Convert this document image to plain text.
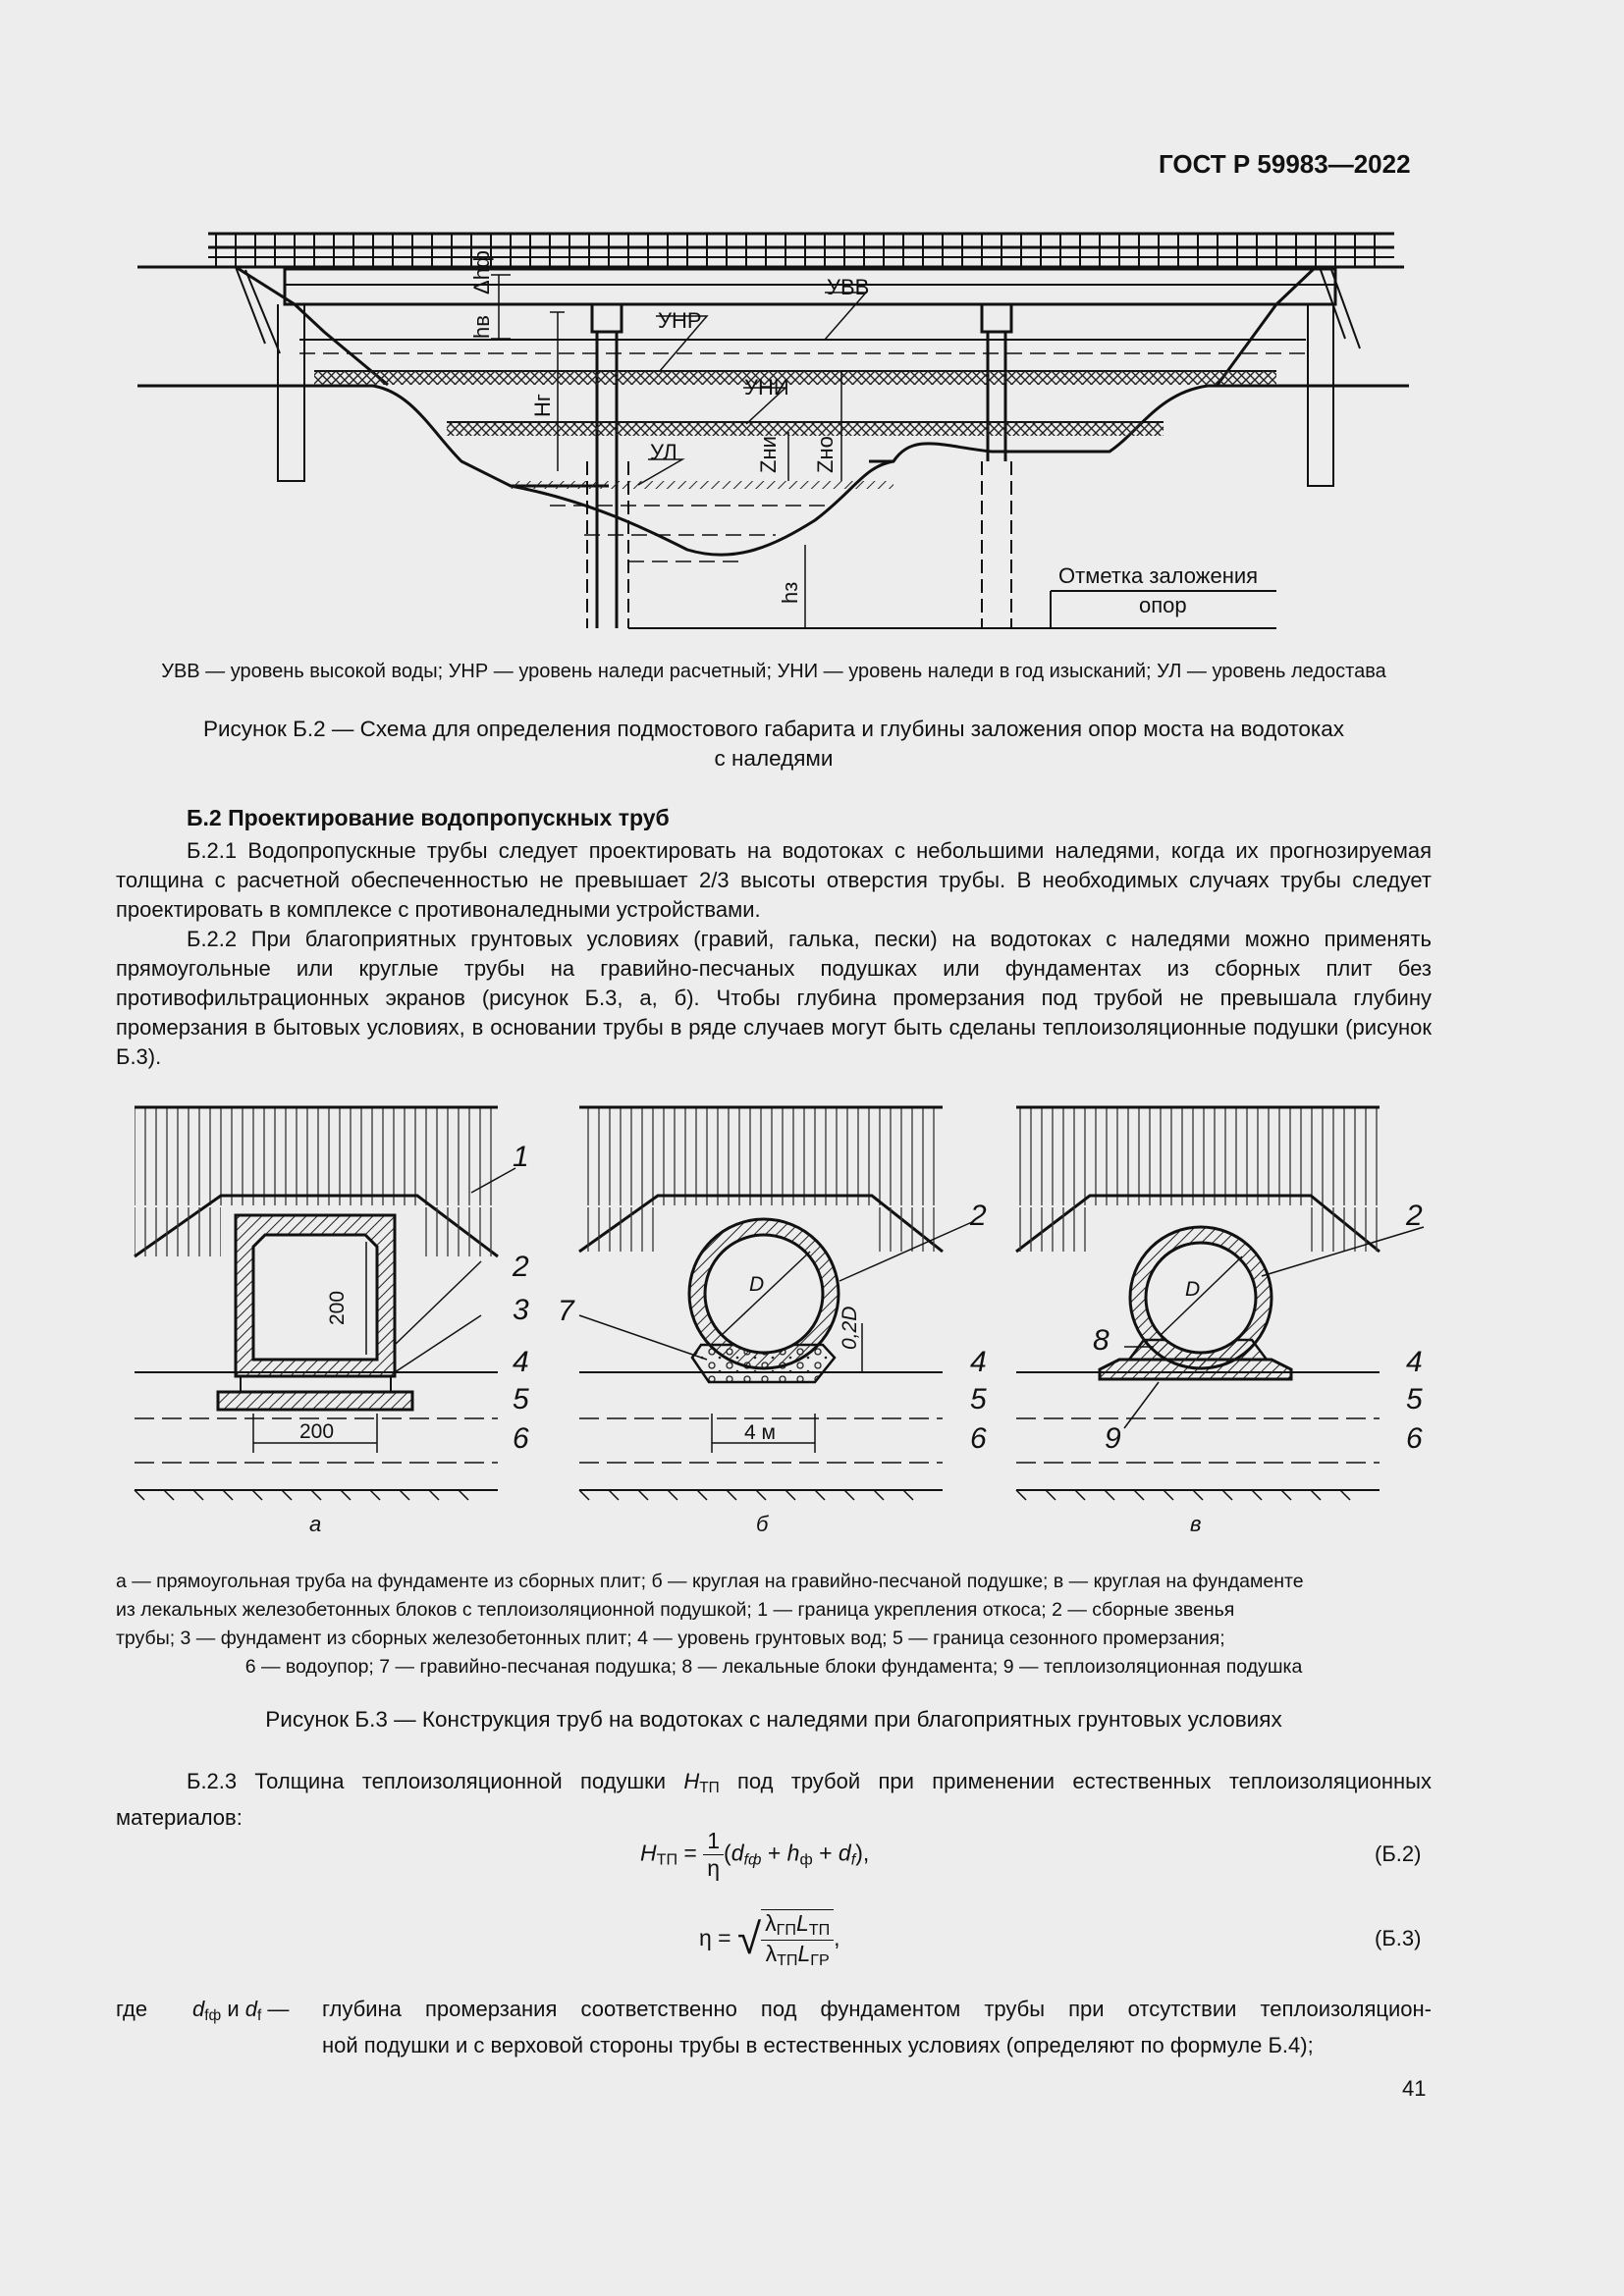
ГОСТ Р 59983—2022
Δhф
hв
Hг
УНР
УВВ
УНИ
УЛ	Zни Zно
hз
Отметка заложения
опор
УВВ — уровень высокой воды; УНР — уровень наледи расчетный; УНИ — уровень наледи в год изысканий; УЛ — уровень ледостава
Рисунок Б.2 — Схема для определения подмостового габарита и глубины заложения опор моста на водотоках
с наледями
Б.2 Проектирование водопропускных труб
Б.2.1 Водопропускные трубы следует проектировать на водотоках с небольшими наледями, когда их прогнозируемая толщина с расчетной обеспеченностью не превышает 2/3 высоты отверстия трубы. В необходимых случаях трубы следует проектировать в комплексе с противоналедными устройствами.
Б.2.2 При благоприятных грунтовых условиях (гравий, галька, пески) на водотоках с наледями можно применять прямоугольные или круглые трубы на гравийно-песчаных подушках или фундаментах из сборных плит без противофильтрационных экранов (рисунок Б.3, а, б). Чтобы глубина промерзания под трубой не превышала глубину промерзания в бытовых условиях, в основании трубы в ряде случаев могут быть сделаны теплоизоляционные подушки (рисунок Б.3).
200
200
а
D
0,2D
4 м
б
D
в
1
2
3
4
5
6
2
7
4
5
6
2
8
4
5
9	6
а — прямоугольная труба на фундаменте из сборных плит; б — круглая на гравийно-песчаной подушке; в — круглая на фундаменте
из лекальных железобетонных блоков с теплоизоляционной подушкой; 1 — граница укрепления откоса; 2 — сборные звенья
трубы; 3 — фундамент из сборных железобетонных плит; 4 — уровень грунтовых вод; 5 — граница сезонного промерзания;
6 — водоупор; 7 — гравийно-песчаная подушка; 8 — лекальные блоки фундамента; 9 — теплоизоляционная подушка
Рисунок Б.3 — Конструкция труб на водотоках с наледями при благоприятных грунтовых условиях
Б.2.3 Толщина теплоизоляционной подушки $H_{ТП}$ под трубой при применении естественных теплоизоляционных материалов:
$H_{ТП} = \frac{1}{\eta} (d_{fф} + h_ф + d_f)$,	(Б.2)
η = √ $\frac{\lambda_{ГП}L_{ТП}}{\lambda_{ТП}L_{ГР}}$ ,	(Б.3)
где	$d_{fф}$ и $d_f$ —	глубина промерзания соответственно под фундаментом трубы при отсутствии теплоизоляцион-
ной подушки и с верховой стороны трубы в естественных условиях (определяют по формуле Б.4);
41
